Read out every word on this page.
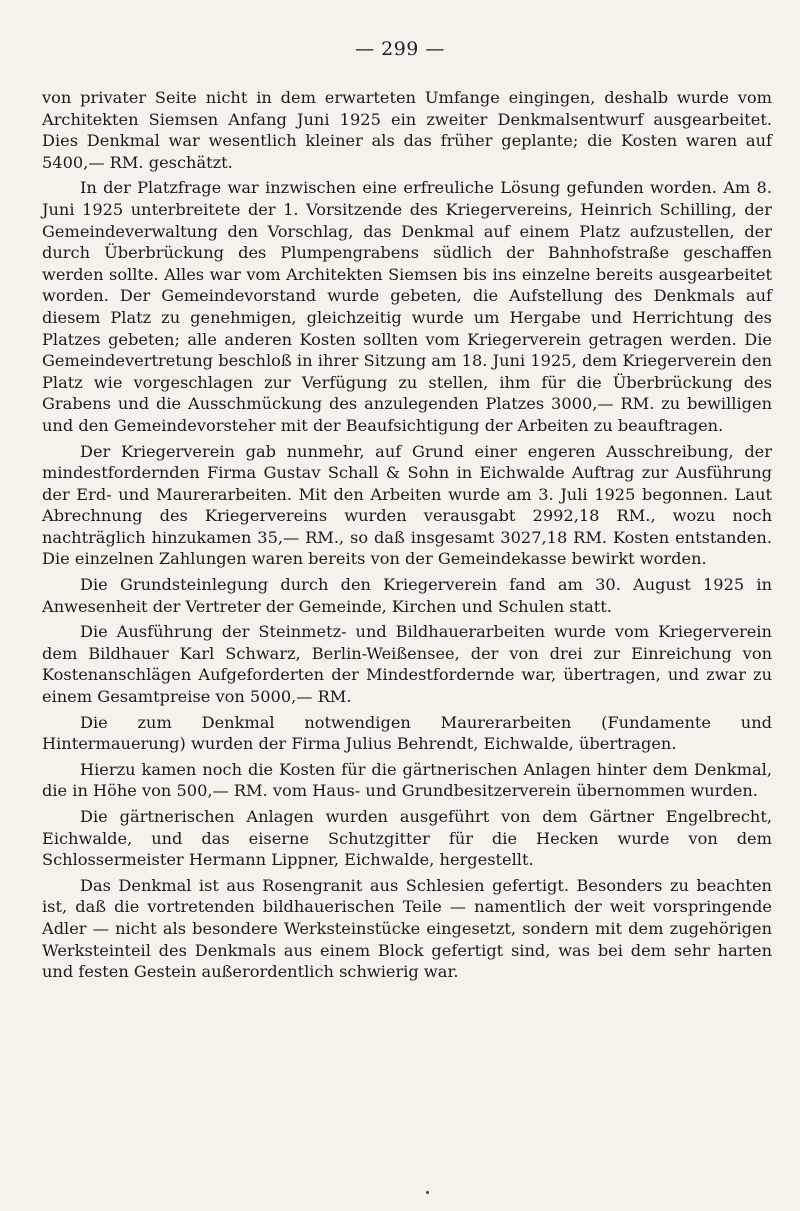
— 299 —

von privater Seite nicht in dem erwarteten Umfange eingingen, deshalb wurde vom Architekten Siemsen Anfang Juni 1925 ein zweiter Denkmalsentwurf ausgearbeitet. Dies Denkmal war wesentlich kleiner als das früher geplante; die Kosten waren auf 5400,— RM. geschätzt.

In der Platzfrage war inzwischen eine erfreuliche Lösung gefunden worden. Am 8. Juni 1925 unterbreitete der 1. Vorsitzende des Kriegervereins, Heinrich Schilling, der Gemeindeverwaltung den Vorschlag, das Denkmal auf einem Platz aufzustellen, der durch Überbrückung des Plumpengrabens südlich der Bahnhofstraße geschaffen werden sollte. Alles war vom Architekten Siemsen bis ins einzelne bereits ausgearbeitet worden. Der Gemeindevorstand wurde gebeten, die Aufstellung des Denkmals auf diesem Platz zu genehmigen, gleichzeitig wurde um Hergabe und Herrichtung des Platzes gebeten; alle anderen Kosten sollten vom Kriegerverein getragen werden. Die Gemeindevertretung beschloß in ihrer Sitzung am 18. Juni 1925, dem Kriegerverein den Platz wie vorgeschlagen zur Verfügung zu stellen, ihm für die Überbrückung des Grabens und die Ausschmückung des anzulegenden Platzes 3000,— RM. zu bewilligen und den Gemeindevorsteher mit der Beaufsichtigung der Arbeiten zu beauftragen.

Der Kriegerverein gab nunmehr, auf Grund einer engeren Ausschreibung, der mindestfordernden Firma Gustav Schall & Sohn in Eichwalde Auftrag zur Ausführung der Erd- und Maurerarbeiten. Mit den Arbeiten wurde am 3. Juli 1925 begonnen. Laut Abrechnung des Kriegervereins wurden verausgabt 2992,18 RM., wozu noch nachträglich hinzukamen 35,— RM., so daß insgesamt 3027,18 RM. Kosten entstanden. Die einzelnen Zahlungen waren bereits von der Gemeindekasse bewirkt worden.

Die Grundsteinlegung durch den Kriegerverein fand am 30. August 1925 in Anwesenheit der Vertreter der Gemeinde, Kirchen und Schulen statt.

Die Ausführung der Steinmetz- und Bildhauerarbeiten wurde vom Kriegerverein dem Bildhauer Karl Schwarz, Berlin-Weißensee, der von drei zur Einreichung von Kostenanschlägen Aufgeforderten der Mindestfordernde war, übertragen, und zwar zu einem Gesamtpreise von 5000,— RM.

Die zum Denkmal notwendigen Maurerarbeiten (Fundamente und Hintermauerung) wurden der Firma Julius Behrendt, Eichwalde, übertragen.

Hierzu kamen noch die Kosten für die gärtnerischen Anlagen hinter dem Denkmal, die in Höhe von 500,— RM. vom Haus- und Grundbesitzerverein übernommen wurden.

Die gärtnerischen Anlagen wurden ausgeführt von dem Gärtner Engelbrecht, Eichwalde, und das eiserne Schutzgitter für die Hecken wurde von dem Schlossermeister Hermann Lippner, Eichwalde, hergestellt.

Das Denkmal ist aus Rosengranit aus Schlesien gefertigt. Besonders zu beachten ist, daß die vortretenden bildhauerischen Teile — namentlich der weit vorspringende Adler — nicht als besondere Werksteinstücke eingesetzt, sondern mit dem zugehörigen Werksteinteil des Denkmals aus einem Block gefertigt sind, was bei dem sehr harten und festen Gestein außerordentlich schwierig war.
